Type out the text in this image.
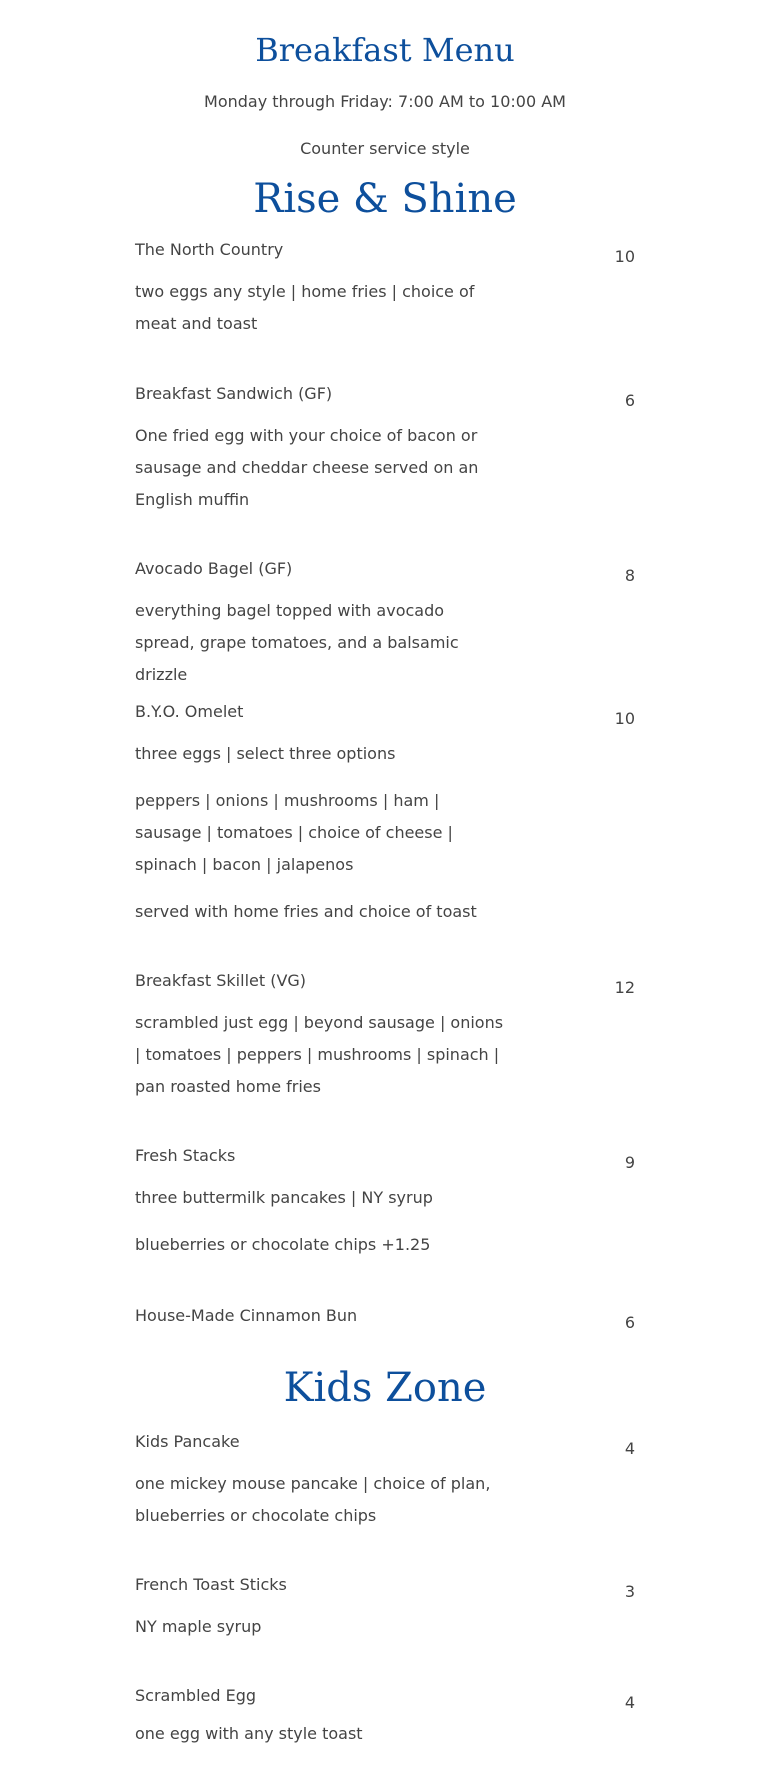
Breakfast Menu
Monday through Friday: 7:00 AM to 10:00 AM
Counter service style
Rise & Shine
The North Country	10

two eggs any style | home fries | choice of meat and toast

Breakfast Sandwich (GF)	6

One fried egg with your choice of bacon or sausage and cheddar cheese served on an English muffin

Avocado Bagel (GF)	8

everything bagel topped with avocado spread, grape tomatoes, and a balsamic drizzle

B.Y.O. Omelet	10

three eggs | select three options

peppers | onions | mushrooms | ham | sausage | tomatoes | choice of cheese | spinach | bacon | jalapenos

served with home fries and choice of toast

Breakfast Skillet (VG)	12

scrambled just egg | beyond sausage | onions | tomatoes | peppers | mushrooms | spinach | pan roasted home fries

Fresh Stacks	9

three buttermilk pancakes | NY syrup

blueberries or chocolate chips +1.25

House-Made Cinnamon Bun	6
Kids Zone
Kids Pancake	4

one mickey mouse pancake | choice of plan, blueberries or chocolate chips

French Toast Sticks	3

NY maple syrup

Scrambled Egg	4

one egg with any style toast
